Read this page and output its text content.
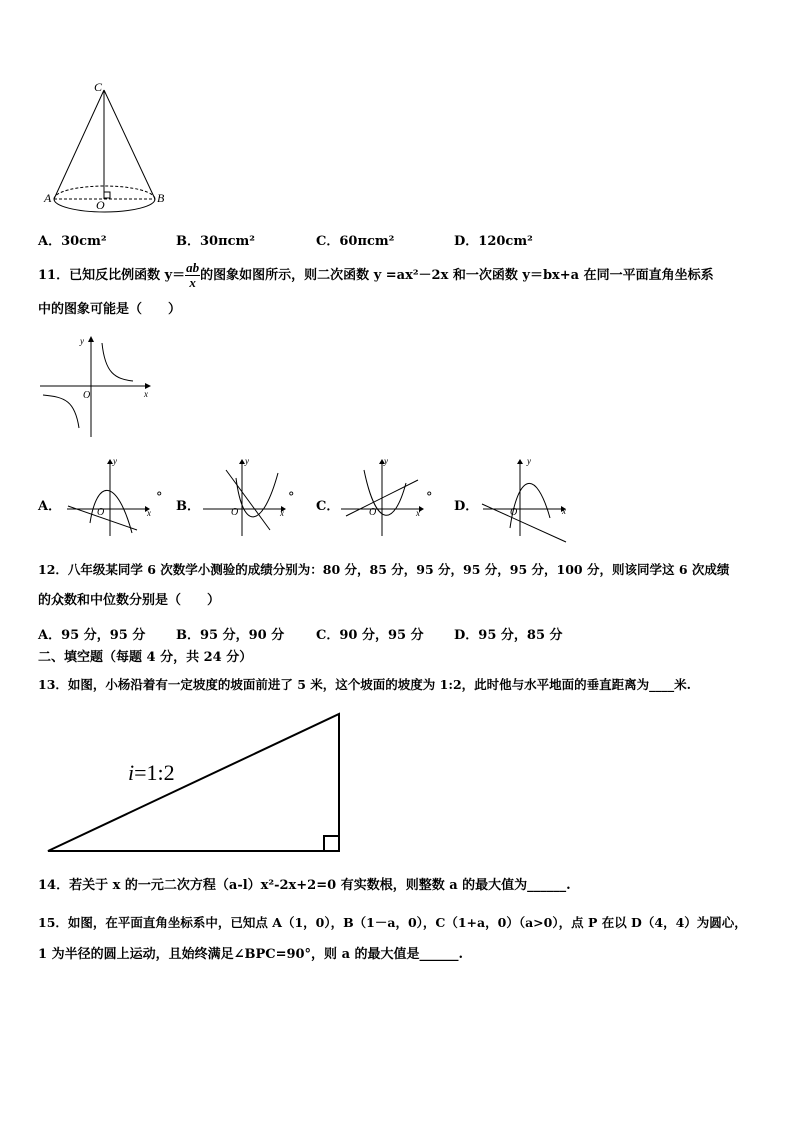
C
A	O	B
A．30cm²	B．30πcm²	C．60πcm²	D．120cm²
11．已知反比例函数 $y= \frac{ab}{x}$ 的图象如图所示，则二次函数 y =ax²－2x 和一次函数 y＝bx+a 在同一平面直角坐标系
中的图象可能是（　　）
y
O	x
A．
y
O	x
°
B．
y
O	x
°
C．
y
O	x
°
D．
y
O	x
12．八年级某同学 6 次数学小测验的成绩分别为：80 分，85 分，95 分，95 分，95 分，100 分，则该同学这 6 次成绩
的众数和中位数分别是（　　）
A．95 分，95 分 B．95 分，90 分 C．90 分，95 分 D．95 分，85 分
二、填空题（每题 4 分，共 24 分）
13．如图，小杨沿着有一定坡度的坡面前进了 5 米，这个坡面的坡度为 1:2，此时他与水平地面的垂直距离为____米.
i=1:2
14．若关于 x 的一元二次方程（a-l）x²-2x+2=0 有实数根，则整数 a 的最大值为______.
15．如图，在平面直角坐标系中，已知点 A（1，0），B（1－a，0），C（1+a，0）（a>0），点 P 在以 D（4，4）为圆心，
1 为半径的圆上运动，且始终满足∠BPC=90°，则 a 的最大值是______.
